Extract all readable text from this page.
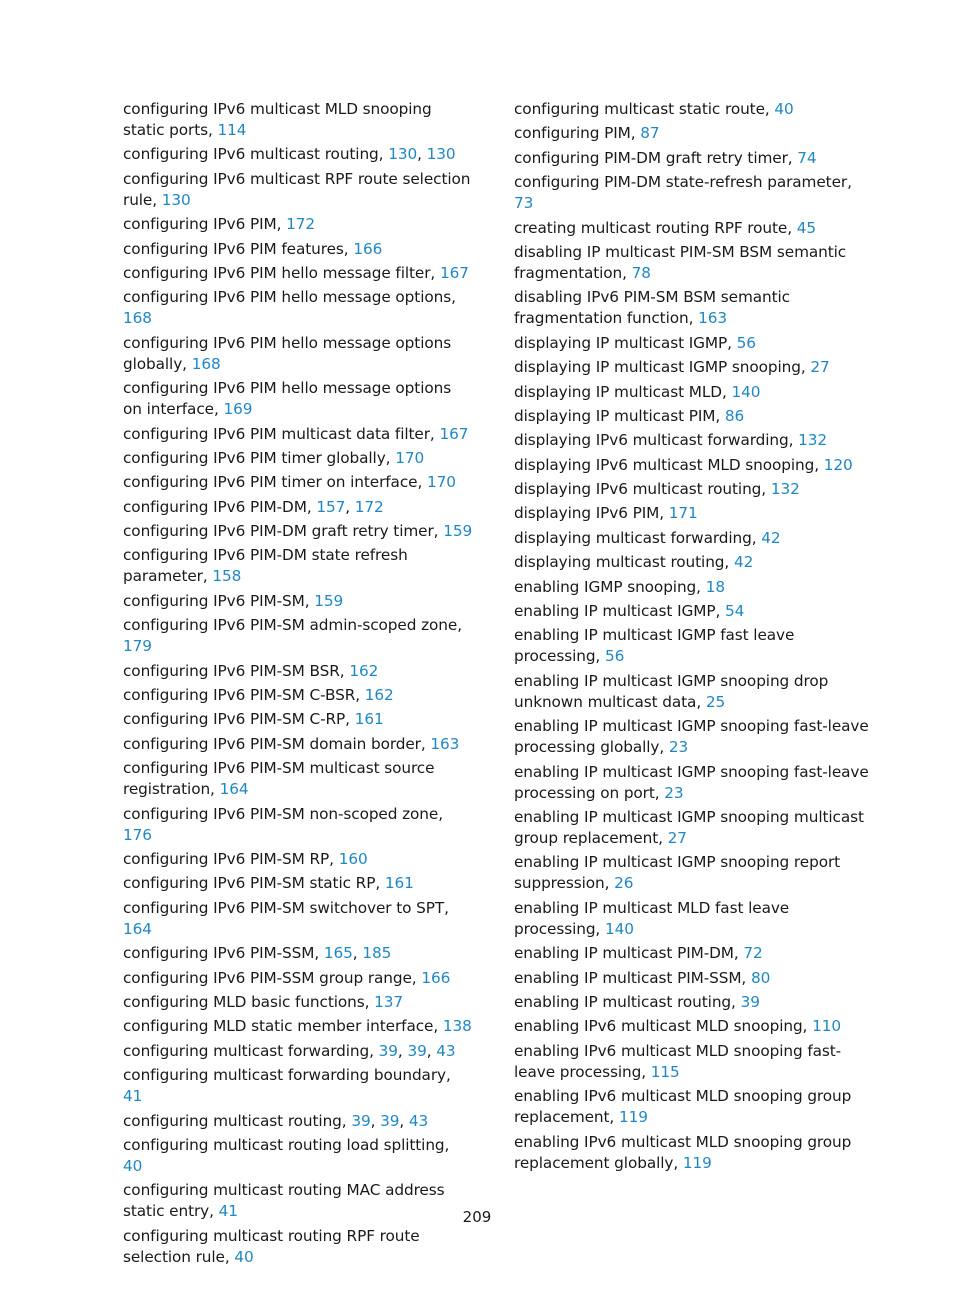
configuring IPv6 multicast MLD snooping static ports, 114
configuring IPv6 multicast routing, 130, 130
configuring IPv6 multicast RPF route selection rule, 130
configuring IPv6 PIM, 172
configuring IPv6 PIM features, 166
configuring IPv6 PIM hello message filter, 167
configuring IPv6 PIM hello message options, 168
configuring IPv6 PIM hello message options globally, 168
configuring IPv6 PIM hello message options on interface, 169
configuring IPv6 PIM multicast data filter, 167
configuring IPv6 PIM timer globally, 170
configuring IPv6 PIM timer on interface, 170
configuring IPv6 PIM-DM, 157, 172
configuring IPv6 PIM-DM graft retry timer, 159
configuring IPv6 PIM-DM state refresh parameter, 158
configuring IPv6 PIM-SM, 159
configuring IPv6 PIM-SM admin-scoped zone, 179
configuring IPv6 PIM-SM BSR, 162
configuring IPv6 PIM-SM C-BSR, 162
configuring IPv6 PIM-SM C-RP, 161
configuring IPv6 PIM-SM domain border, 163
configuring IPv6 PIM-SM multicast source registration, 164
configuring IPv6 PIM-SM non-scoped zone, 176
configuring IPv6 PIM-SM RP, 160
configuring IPv6 PIM-SM static RP, 161
configuring IPv6 PIM-SM switchover to SPT, 164
configuring IPv6 PIM-SSM, 165, 185
configuring IPv6 PIM-SSM group range, 166
configuring MLD basic functions, 137
configuring MLD static member interface, 138
configuring multicast forwarding, 39, 39, 43
configuring multicast forwarding boundary, 41
configuring multicast routing, 39, 39, 43
configuring multicast routing load splitting, 40
configuring multicast routing MAC address static entry, 41
configuring multicast routing RPF route selection rule, 40
configuring multicast static route, 40
configuring PIM, 87
configuring PIM-DM graft retry timer, 74
configuring PIM-DM state-refresh parameter, 73
creating multicast routing RPF route, 45
disabling IP multicast PIM-SM BSM semantic fragmentation, 78
disabling IPv6 PIM-SM BSM semantic fragmentation function, 163
displaying IP multicast IGMP, 56
displaying IP multicast IGMP snooping, 27
displaying IP multicast MLD, 140
displaying IP multicast PIM, 86
displaying IPv6 multicast forwarding, 132
displaying IPv6 multicast MLD snooping, 120
displaying IPv6 multicast routing, 132
displaying IPv6 PIM, 171
displaying multicast forwarding, 42
displaying multicast routing, 42
enabling IGMP snooping, 18
enabling IP multicast IGMP, 54
enabling IP multicast IGMP fast leave processing, 56
enabling IP multicast IGMP snooping drop unknown multicast data, 25
enabling IP multicast IGMP snooping fast-leave processing globally, 23
enabling IP multicast IGMP snooping fast-leave processing on port, 23
enabling IP multicast IGMP snooping multicast group replacement, 27
enabling IP multicast IGMP snooping report suppression, 26
enabling IP multicast MLD fast leave processing, 140
enabling IP multicast PIM-DM, 72
enabling IP multicast PIM-SSM, 80
enabling IP multicast routing, 39
enabling IPv6 multicast MLD snooping, 110
enabling IPv6 multicast MLD snooping fast-leave processing, 115
enabling IPv6 multicast MLD snooping group replacement, 119
enabling IPv6 multicast MLD snooping group replacement globally, 119
209
